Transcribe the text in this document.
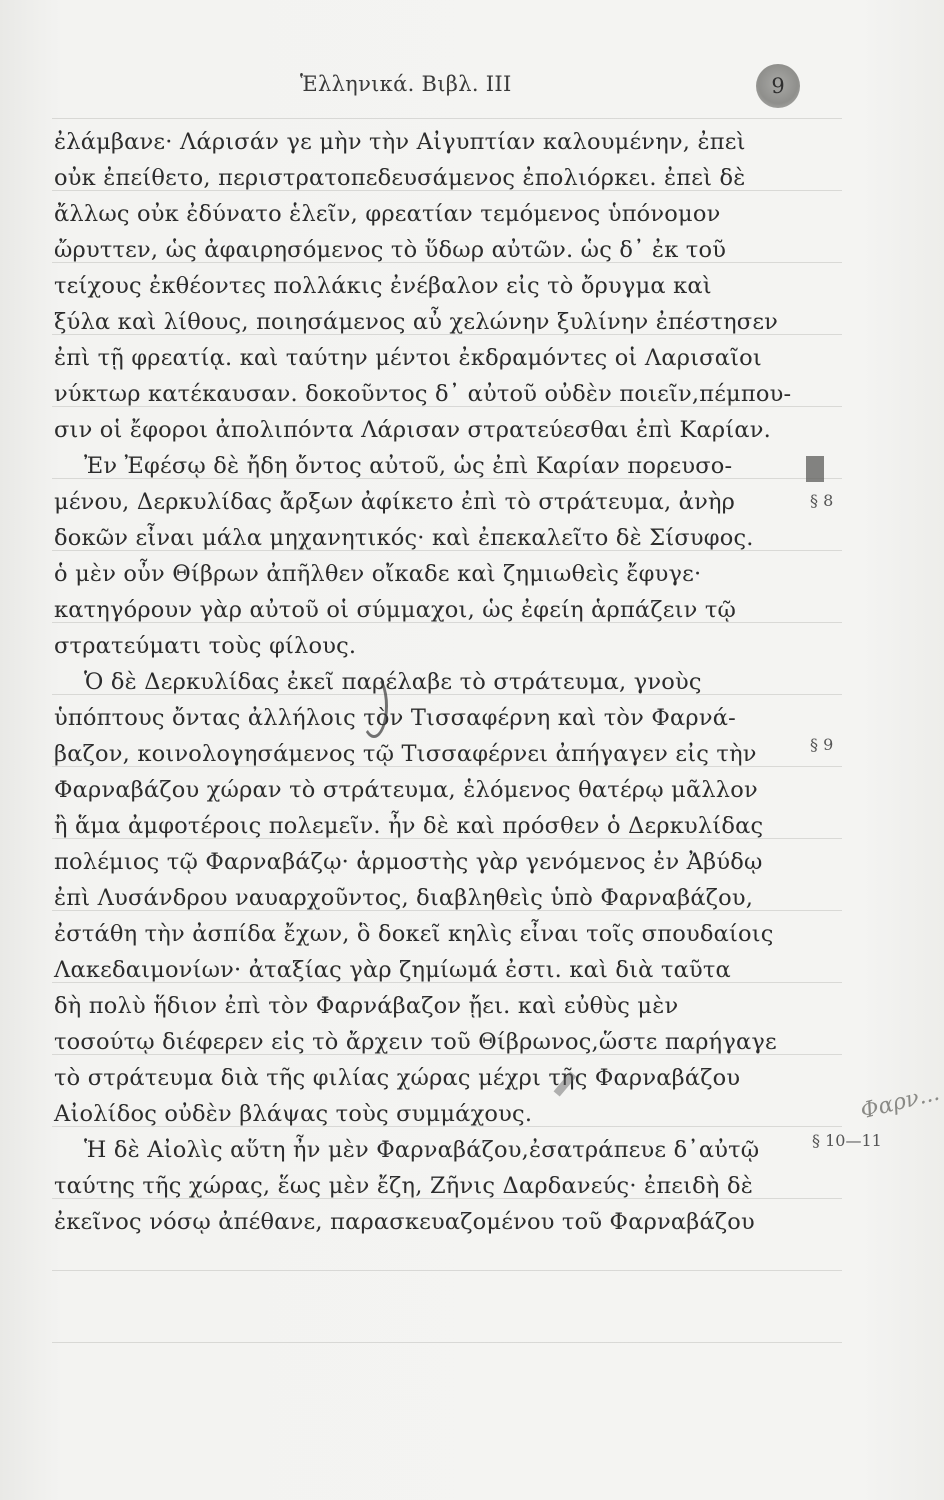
Ἑλληνικά. Βιβλ. III	9
ἐλάμβανε· Λάρισάν γε μὴν τὴν Αἰγυπτίαν καλουμένην, ἐπεὶ
οὐκ ἐπείθετο, περιστρατοπεδευσάμενος ἐπολιόρκει. ἐπεὶ δὲ
ἄλλως οὐκ ἐδύνατο ἑλεῖν, φρεατίαν τεμόμενος ὑπόνομον
ὤρυττεν, ὡς ἀφαιρησόμενος τὸ ὕδωρ αὐτῶν. ὡς δ᾽ ἐκ τοῦ
τείχους ἐκθέοντες πολλάκις ἐνέβαλον εἰς τὸ ὄρυγμα καὶ
ξύλα καὶ λίθους, ποιησάμενος αὖ χελώνην ξυλίνην ἐπέστησεν
ἐπὶ τῇ φρεατίᾳ. καὶ ταύτην μέντοι ἐκδραμόντες οἱ Λαρισαῖοι
νύκτωρ κατέκαυσαν. δοκοῦντος δ᾽ αὐτοῦ οὐδὲν ποιεῖν,πέμπου-
σιν οἱ ἔφοροι ἀπολιπόντα Λάρισαν στρατεύεσθαι ἐπὶ Καρίαν.
Ἐν Ἐφέσῳ δὲ ἤδη ὄντος αὐτοῦ, ὡς ἐπὶ Καρίαν πορευσο-
μένου, Δερκυλίδας ἄρξων ἀφίκετο ἐπὶ τὸ στράτευμα, ἀνὴρ
δοκῶν εἶναι μάλα μηχανητικός· καὶ ἐπεκαλεῖτο δὲ Σίσυφος.
ὁ μὲν οὖν Θίβρων ἀπῆλθεν οἴκαδε καὶ ζημιωθεὶς ἔφυγε·
κατηγόρουν γὰρ αὐτοῦ οἱ σύμμαχοι, ὡς ἐφείη ἁρπάζειν τῷ
στρατεύματι τοὺς φίλους.
Ὁ δὲ Δερκυλίδας ἐκεῖ παρέλαβε τὸ στράτευμα, γνοὺς
ὑπόπτους ὄντας ἀλλήλοις τὸν Τισσαφέρνη καὶ τὸν Φαρνά-
βαζον, κοινολογησάμενος τῷ Τισσαφέρνει ἀπήγαγεν εἰς τὴν
Φαρναβάζου χώραν τὸ στράτευμα, ἑλόμενος θατέρῳ μᾶλλον
ἢ ἅμα ἀμφοτέροις πολεμεῖν. ἦν δὲ καὶ πρόσθεν ὁ Δερκυλίδας
πολέμιος τῷ Φαρναβάζῳ· ἁρμοστὴς γὰρ γενόμενος ἐν Ἀβύδῳ
ἐπὶ Λυσάνδρου ναυαρχοῦντος, διαβληθεὶς ὑπὸ Φαρναβάζου,
ἐστάθη τὴν ἀσπίδα ἔχων, ὃ δοκεῖ κηλὶς εἶναι τοῖς σπουδαίοις
Λακεδαιμονίων· ἀταξίας γὰρ ζημίωμά ἐστι. καὶ διὰ ταῦτα
δὴ πολὺ ἥδιον ἐπὶ τὸν Φαρνάβαζον ᾔει. καὶ εὐθὺς μὲν
τοσούτῳ διέφερεν εἰς τὸ ἄρχειν τοῦ Θίβρωνος,ὥστε παρήγαγε
τὸ στράτευμα διὰ τῆς φιλίας χώρας μέχρι τῆς Φαρναβάζου
Αἰολίδος οὐδὲν βλάψας τοὺς συμμάχους.
Ἡ δὲ Αἰολὶς αὕτη ἦν μὲν Φαρναβάζου,ἐσατράπευε δ᾽αὐτῷ
ταύτης τῆς χώρας, ἕως μὲν ἔζη, Ζῆνις Δαρδανεύς· ἐπειδὴ δὲ
ἐκεῖνος νόσῳ ἀπέθανε, παρασκευαζομένου τοῦ Φαρναβάζου
§ 8
§ 9
§ 10—11
Φαρν...
